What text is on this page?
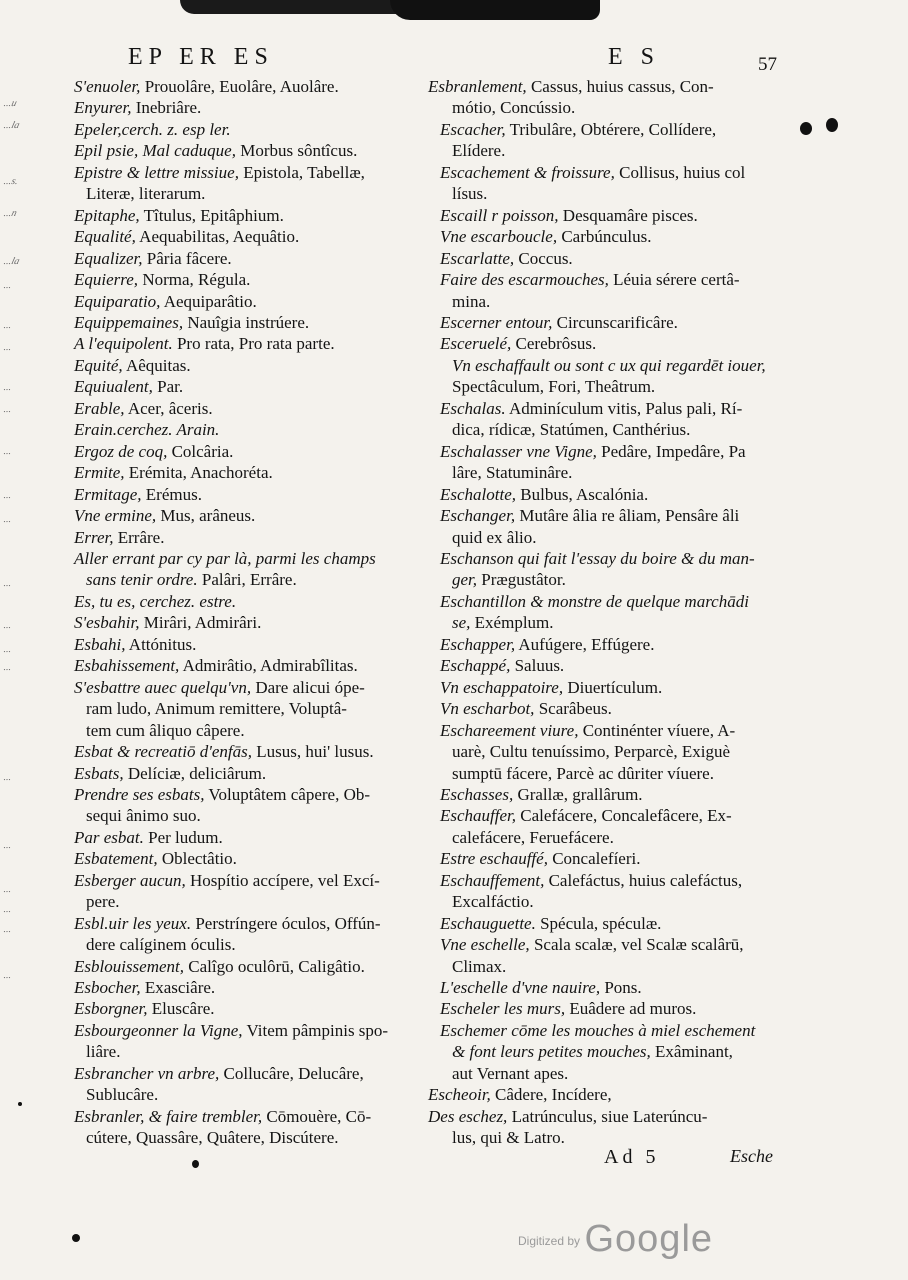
EP ER ES	E S	57
S'enuoler, Prouolâre, Euolâre, Auolâre.
Enyurer, Inebriâre.
Epeler,cerch. z. esp ler.
Epil psie, Mal caduque, Morbus sôntîcus.
Epistre & lettre missiue, Epistola, Tabellæ,
Literæ, literarum.
Epitaphe, Tîtulus, Epitâphium.
Equalité, Aequabilitas, Aequâtio.
Equalizer, Pâria fâcere.
Equierre, Norma, Régula.
Equiparatio, Aequiparâtio.
Equippemaines, Nauîgia instrúere.
A l'equipolent. Pro rata, Pro rata parte.
Equité, Aêquitas.
Equiualent, Par.
Erable, Acer, âceris.
Erain.cerchez. Arain.
Ergoz de coq, Colcâria.
Ermite, Erémita, Anachoréta.
Ermitage, Erémus.
Vne ermine, Mus, arâneus.
Errer, Errâre.
Aller errant par cy par là, parmi les champs
sans tenir ordre. Palâri, Errâre.
Es, tu es, cerchez. estre.
S'esbahir, Mirâri, Admirâri.
Esbahi, Attónitus.
Esbahissement, Admirâtio, Admirabîlitas.
S'esbattre auec quelqu'vn, Dare alicui ópe-
ram ludo, Animum remittere, Voluptâ-
tem cum âliquo câpere.
Esbat & recreatiō d'enfās, Lusus, hui' lusus.
Esbats, Delíciæ, deliciârum.
Prendre ses esbats, Voluptâtem câpere, Ob-
sequi ânimo suo.
Par esbat. Per ludum.
Esbatement, Oblectâtio.
Esberger aucun, Hospítio accípere, vel Excí-
pere.
Esbl.uir les yeux. Perstríngere óculos, Offún-
dere calíginem óculis.
Esblouissement, Calîgo oculôrū, Caligâtio.
Esbocher, Exasciâre.
Esborgner, Eluscâre.
Esbourgeonner la Vigne, Vitem pâmpinis spo-
liâre.
Esbrancher vn arbre, Collucâre, Delucâre,
Sublucâre.
Esbranler, & faire trembler, Cōmouère, Cō-
cútere, Quassâre, Quâtere, Discútere.
Esbranlement, Cassus, huius cassus, Con-
mótio, Concússio.
Escacher, Tribulâre, Obtérere, Collídere,
Elídere.
Escachement & froissure, Collisus, huius col
lísus.
Escaill r poisson, Desquamâre pisces.
Vne escarboucle, Carbúnculus.
Escarlatte, Coccus.
Faire des escarmouches, Léuia sérere certâ-
mina.
Escerner entour, Circunscarificâre.
Esceruelé, Cerebrôsus.
Vn eschaffault ou sont c ux qui regardēt iouer,
Spectâculum, Fori, Theâtrum.
Eschalas. Adminículum vitis, Palus pali, Rí-
dica, rídicæ, Statúmen, Canthérius.
Eschalasser vne Vigne, Pedâre, Impedâre, Pa
lâre, Statuminâre.
Eschalotte, Bulbus, Ascalónia.
Eschanger, Mutâre âlia re âliam, Pensâre âli
quid ex âlio.
Eschanson qui fait l'essay du boire & du man-
ger, Prægustâtor.
Eschantillon & monstre de quelque marchādi
se, Exémplum.
Eschapper, Aufúgere, Effúgere.
Eschappé, Saluus.
Vn eschappatoire, Diuertículum.
Vn escharbot, Scarâbeus.
Eschareement viure, Continénter víuere, A-
uarè, Cultu tenuíssimo, Perparcè, Exiguè
sumptū fácere, Parcè ac dûriter víuere.
Eschasses, Grallæ, grallârum.
Eschauffer, Calefácere, Concalefâcere, Ex-
calefácere, Feruefácere.
Estre eschauffé, Concalefíeri.
Eschauffement, Calefáctus, huius calefáctus,
Excalfáctio.
Eschauguette. Spécula, spéculæ.
Vne eschelle, Scala scalæ, vel Scalæ scalârū,
Climax.
L'eschelle d'vne nauire, Pons.
Escheler les murs, Euâdere ad muros.
Eschemer cōme les mouches à miel eschement
& font leurs petites mouches, Exâminant,
aut Vernant apes.
Escheoir, Câdere, Incídere,
Des eschez, Latrúnculus, siue Laterúncu-
lus, qui & Latro.
...u
...la
...s.
...n
...la
...
...
...
...
...
...
...
...
...
...
...
...
...
...
...
...
...
...
Ad 5	Esche
$^{Digitized by}$ Google
